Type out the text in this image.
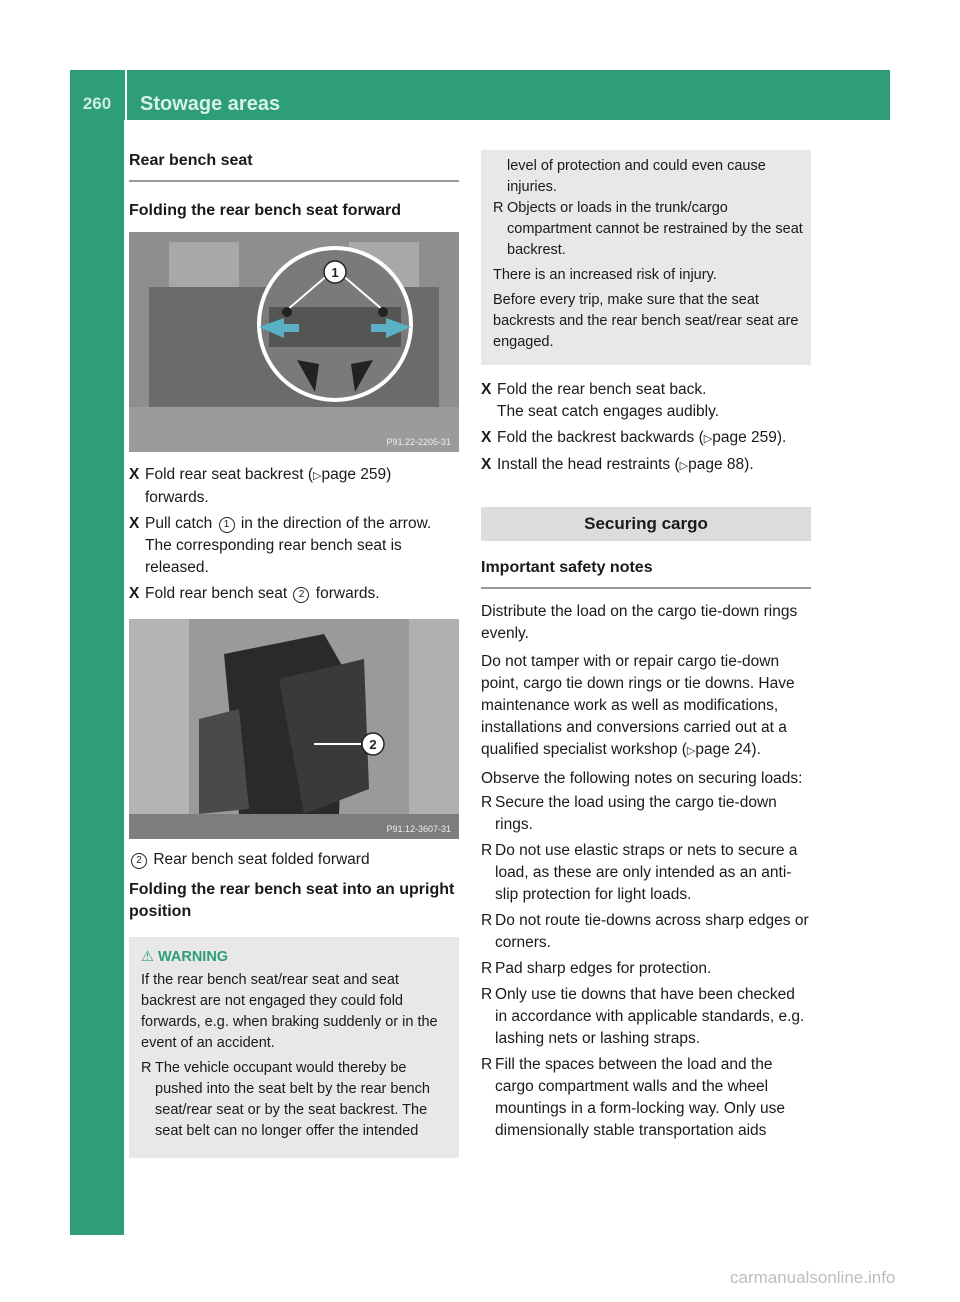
260	Stowage areas
Stowage and features
Rear bench seat
Folding the rear bench seat forward
1
P91.22-2205-31
X Fold rear seat backrest (▷page 259) forwards.
X Pull catch 1 in the direction of the arrow.
The corresponding rear bench seat is released.
X Fold rear bench seat 2 forwards.
2
P91.12-3607-31

2 Rear bench seat folded forward

Folding the rear bench seat into an upright position
⚠ WARNING

If the rear bench seat/rear seat and seat backrest are not engaged they could fold forwards, e.g. when braking suddenly or in the event of an accident.

R The vehicle occupant would thereby be pushed into the seat belt by the rear bench seat/rear seat or by the seat backrest. The seat belt can no longer offer the intended
level of protection and could even cause injuries.
R Objects or loads in the trunk/cargo compartment cannot be restrained by the seat backrest.

There is an increased risk of injury.

Before every trip, make sure that the seat backrests and the rear bench seat/rear seat are engaged.

X Fold the rear bench seat back.
The seat catch engages audibly.
X Fold the backrest backwards (▷page 259).
X Install the head restraints (▷page 88).
Securing cargo
Important safety notes

Distribute the load on the cargo tie-down rings evenly.

Do not tamper with or repair cargo tie-down point, cargo tie down rings or tie downs. Have maintenance work as well as modifications, installations and conversions carried out at a qualified specialist workshop (▷page 24).

Observe the following notes on securing loads:

R Secure the load using the cargo tie-down rings.
R Do not use elastic straps or nets to secure a load, as these are only intended as an anti-slip protection for light loads.
R Do not route tie-downs across sharp edges or corners.
R Pad sharp edges for protection.
R Only use tie downs that have been checked in accordance with applicable standards, e.g. lashing nets or lashing straps.
R Fill the spaces between the load and the cargo compartment walls and the wheel mountings in a form-locking way. Only use dimensionally stable transportation aids
carmanualsonline.info
